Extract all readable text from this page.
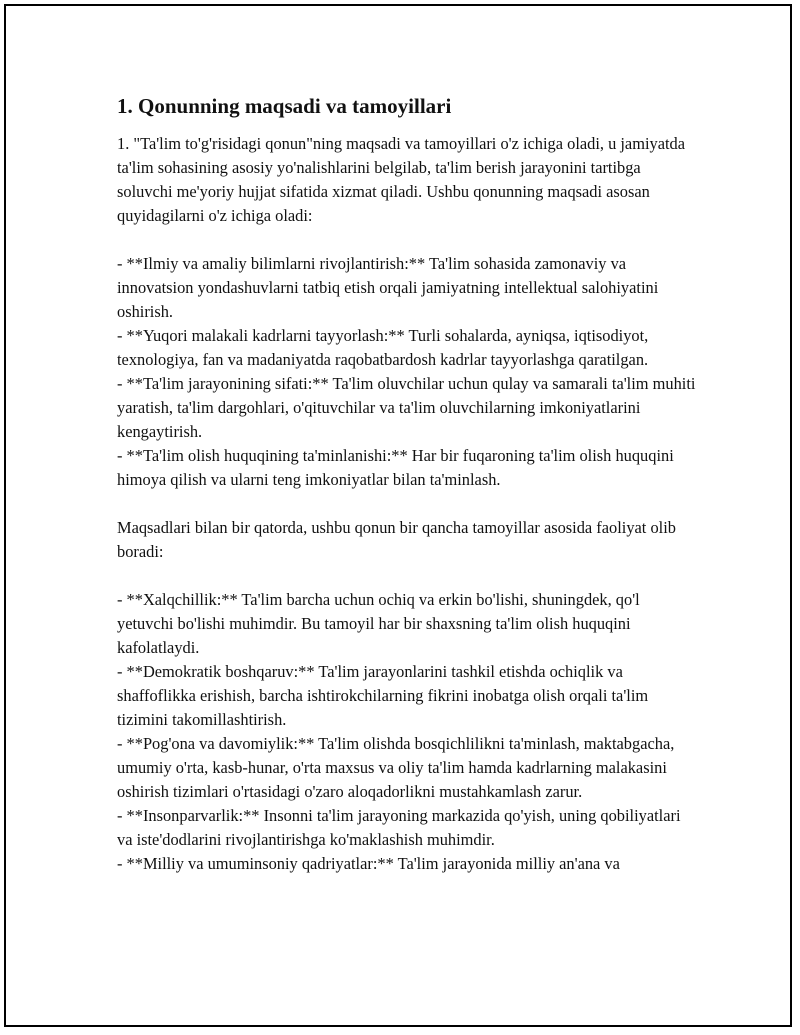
1. Qonunning maqsadi va tamoyillari

1. "Ta'lim to'g'risidagi qonun"ning maqsadi va tamoyillari o'z ichiga oladi, u jamiyatda ta'lim sohasining asosiy yo'nalishlarini belgilab, ta'lim berish jarayonini tartibga soluvchi me'yoriy hujjat sifatida xizmat qiladi. Ushbu qonunning maqsadi asosan quyidagilarni o'z ichiga oladi:

- **Ilmiy va amaliy bilimlarni rivojlantirish:** Ta'lim sohasida zamonaviy va innovatsion yondashuvlarni tatbiq etish orqali jamiyatning intellektual salohiyatini oshirish.

- **Yuqori malakali kadrlarni tayyorlash:** Turli sohalarda, ayniqsa, iqtisodiyot, texnologiya, fan va madaniyatda raqobatbardosh kadrlar tayyorlashga qaratilgan.

- **Ta'lim jarayonining sifati:** Ta'lim oluvchilar uchun qulay va samarali ta'lim muhiti yaratish, ta'lim dargohlari, o'qituvchilar va ta'lim oluvchilarning imkoniyatlarini kengaytirish.

- **Ta'lim olish huquqining ta'minlanishi:** Har bir fuqaroning ta'lim olish huquqini himoya qilish va ularni teng imkoniyatlar bilan ta'minlash.

Maqsadlari bilan bir qatorda, ushbu qonun bir qancha tamoyillar asosida faoliyat olib boradi:

- **Xalqchillik:** Ta'lim barcha uchun ochiq va erkin bo'lishi, shuningdek, qo'l yetuvchi bo'lishi muhimdir. Bu tamoyil har bir shaxsning ta'lim olish huquqini kafolatlaydi.

- **Demokratik boshqaruv:** Ta'lim jarayonlarini tashkil etishda ochiqlik va shaffoflikka erishish, barcha ishtirokchilarning fikrini inobatga olish orqali ta'lim tizimini takomillashtirish.

- **Pog'ona va davomiylik:** Ta'lim olishda bosqichlilikni ta'minlash, maktabgacha, umumiy o'rta, kasb-hunar, o'rta maxsus va oliy ta'lim hamda kadrlarning malakasini oshirish tizimlari o'rtasidagi o'zaro aloqadorlikni mustahkamlash zarur.

- **Insonparvarlik:** Insonni ta'lim jarayoning markazida qo'yish, uning qobiliyatlari va iste'dodlarini rivojlantirishga ko'maklashish muhimdir.

- **Milliy va umuminsoniy qadriyatlar:** Ta'lim jarayonida milliy an'ana va
